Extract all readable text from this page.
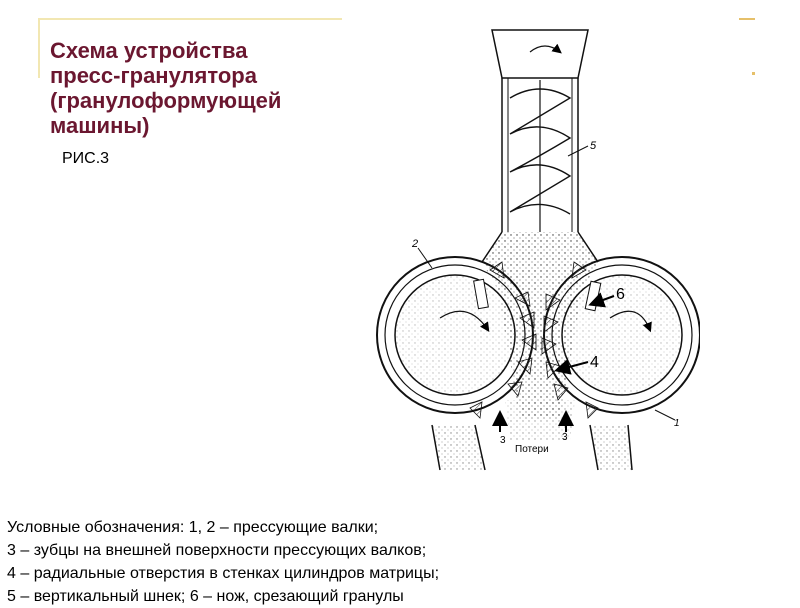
Схема устройства
пресс-гранулятора
(гранулоформующей
машины)
РИС.3
5
2
1
Потери
3	3
6
4
Условные обозначения: 1, 2 – прессующие валки;
3 – зубцы на внешней поверхности прессующих валков;
4 – радиальные отверстия в стенках цилиндров матрицы;
5 – вертикальный шнек; 6 – нож, срезающий гранулы
